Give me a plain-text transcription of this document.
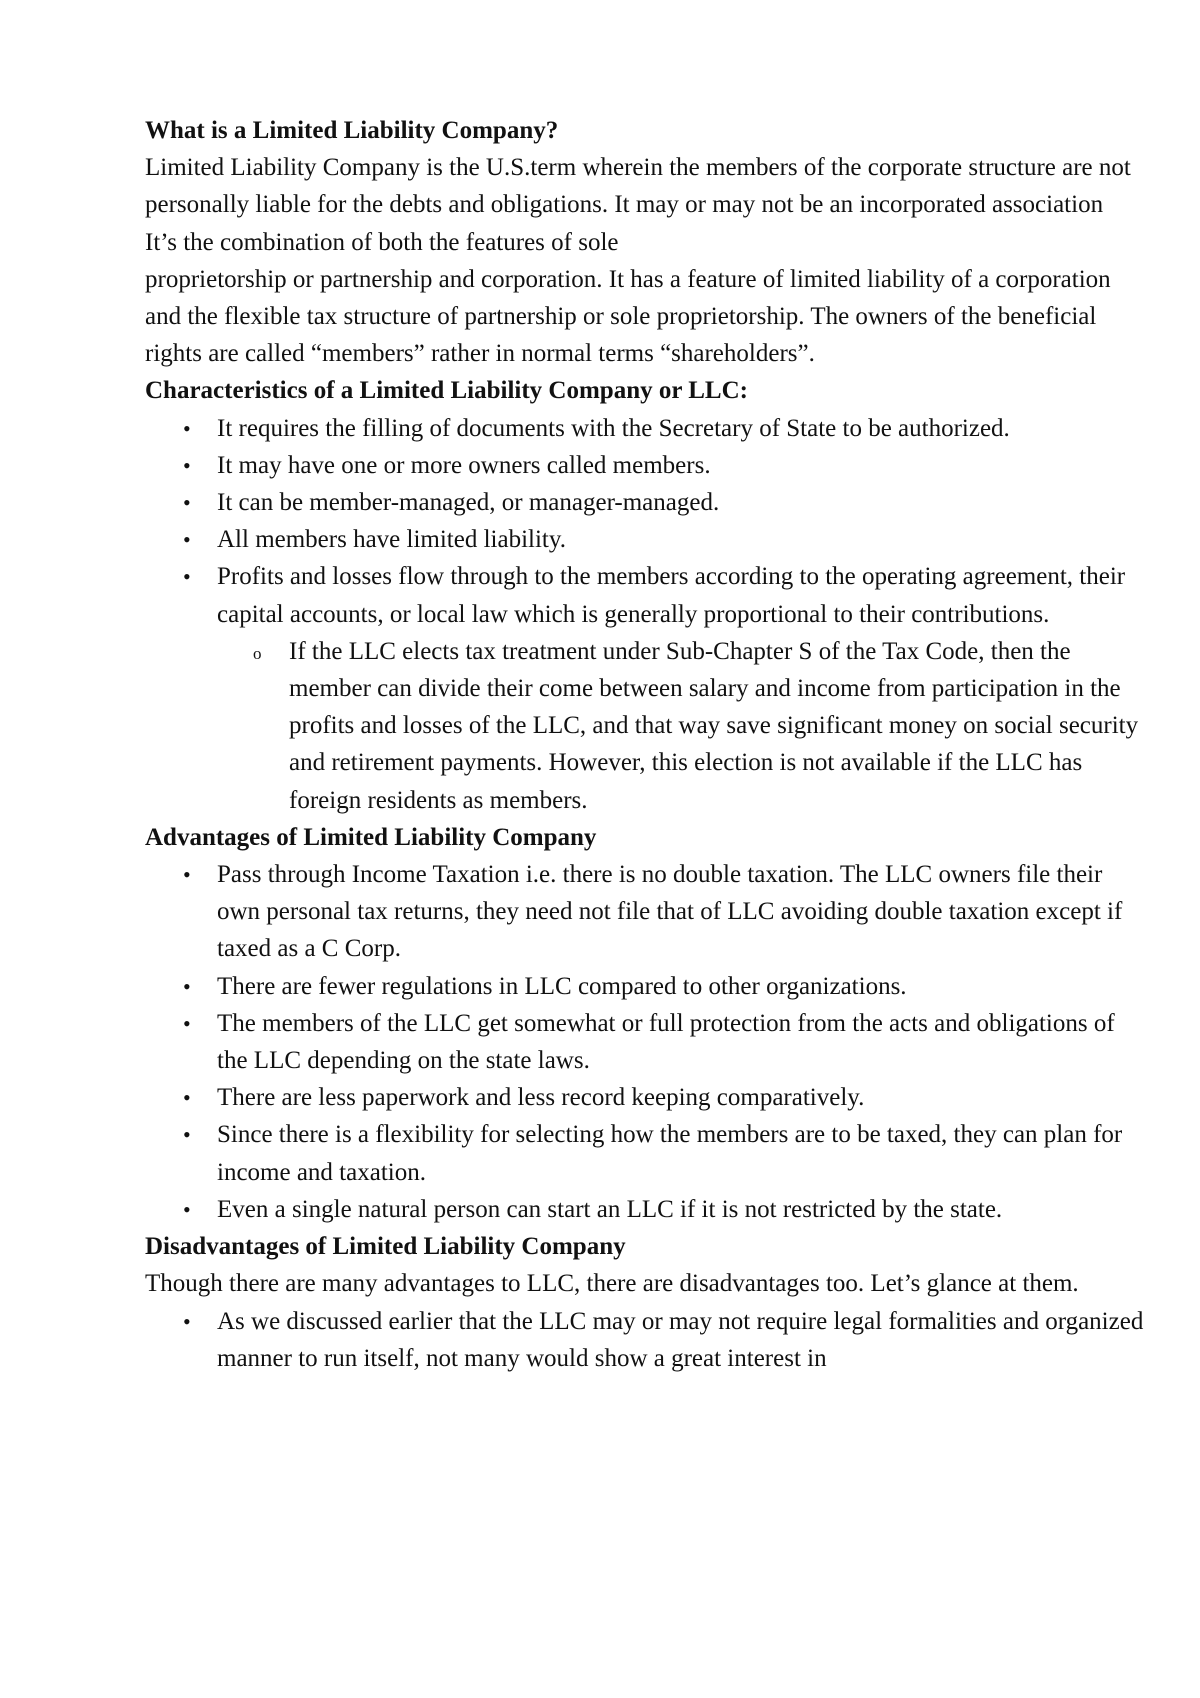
What is a Limited Liability Company?

Limited Liability Company is the U.S.term wherein the members of the corporate structure are not personally liable for the debts and obligations. It may or may not be an incorporated association

It’s the combination of both the features of sole

proprietorship or partnership and corporation. It has a feature of limited liability of a corporation and the flexible tax structure of partnership or sole proprietorship. The owners of the beneficial rights are called “members” rather in normal terms “shareholders”.

Characteristics of a Limited Liability Company or LLC:

• It requires the filling of documents with the Secretary of State to be authorized.
• It may have one or more owners called members.
• It can be member-managed, or manager-managed.
• All members have limited liability.
• Profits and losses flow through to the members according to the operating agreement, their capital accounts, or local law which is generally proportional to their contributions.
o If the LLC elects tax treatment under Sub-Chapter S of the Tax Code, then the member can divide their come between salary and income from participation in the profits and losses of the LLC, and that way save significant money on social security and retirement payments. However, this election is not available if the LLC has foreign residents as members.

Advantages of Limited Liability Company

• Pass through Income Taxation i.e. there is no double taxation. The LLC owners file their own personal tax returns, they need not file that of LLC avoiding double taxation except if taxed as a C Corp.
• There are fewer regulations in LLC compared to other organizations.
• The members of the LLC get somewhat or full protection from the acts and obligations of the LLC depending on the state laws.
• There are less paperwork and less record keeping comparatively.
• Since there is a flexibility for selecting how the members are to be taxed, they can plan for income and taxation.
• Even a single natural person can start an LLC if it is not restricted by the state.

Disadvantages of Limited Liability Company

Though there are many advantages to LLC, there are disadvantages too. Let’s glance at them.

• As we discussed earlier that the LLC may or may not require legal formalities and organized manner to run itself, not many would show a great interest in
